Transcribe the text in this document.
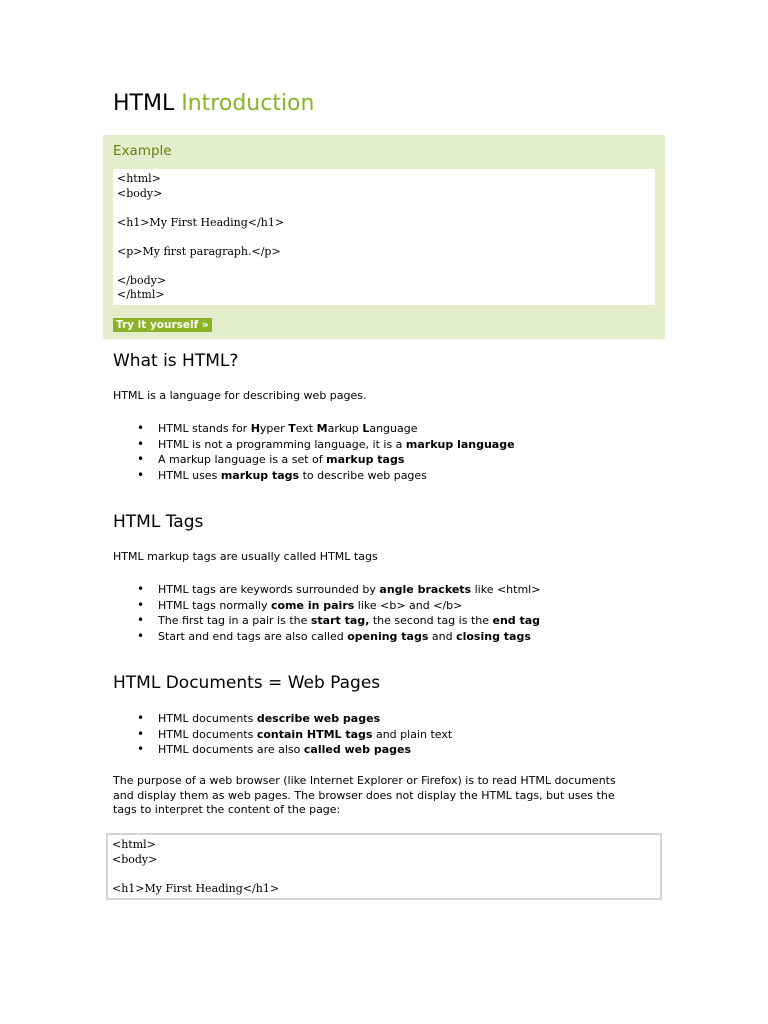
HTML Introduction
Example
<html>
<body>

<h1>My First Heading</h1>

<p>My first paragraph.</p>

</body>
</html>
Try it yourself »
What is HTML?

HTML is a language for describing web pages.

• HTML stands for Hyper Text Markup Language
• HTML is not a programming language, it is a markup language
• A markup language is a set of markup tags
• HTML uses markup tags to describe web pages
HTML Tags

HTML markup tags are usually called HTML tags

• HTML tags are keywords surrounded by angle brackets like <html>
• HTML tags normally come in pairs like <b> and </b>
• The first tag in a pair is the start tag, the second tag is the end tag
• Start and end tags are also called opening tags and closing tags
HTML Documents = Web Pages
• HTML documents describe web pages
• HTML documents contain HTML tags and plain text
• HTML documents are also called web pages

The purpose of a web browser (like Internet Explorer or Firefox) is to read HTML documents
and display them as web pages. The browser does not display the HTML tags, but uses the
tags to interpret the content of the page:

<html>
<body>

<h1>My First Heading</h1>
